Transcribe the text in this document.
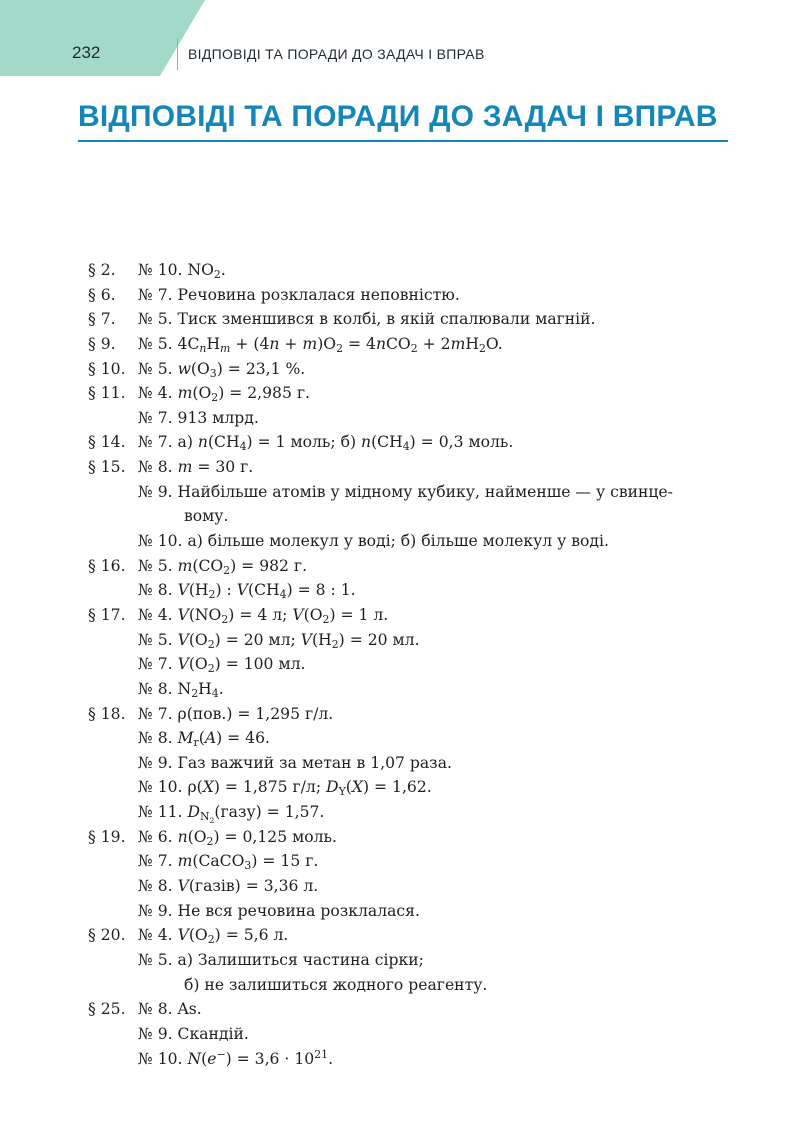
232	ВІДПОВІДІ ТА ПОРАДИ ДО ЗАДАЧ І ВПРАВ
ВІДПОВІДІ ТА ПОРАДИ ДО ЗАДАЧ І ВПРАВ
§ 2. № 10. $NO_2$.
§ 6. № 7. Речовина розклалася неповністю.
§ 7. № 5. Тиск зменшився в колбі, в якій спалювали магній.
§ 9. № 5. $4C_nH_m + (4n + m)O_2 = 4nCO_2 + 2mH_2O$.
§ 10. № 5. $w(O_3) = 23,1$ %.
§ 11. № 4. $m(O_2) = 2,985$ г.
№ 7. 913 млрд.
§ 14. № 7. а) $n(CH_4) = 1$ моль; б) $n(CH_4) = 0,3$ моль.
§ 15. № 8. m = 30 г.
№ 9. Найбільше атомів у мідному кубику, найменше — у свинце-
вому.
№ 10. а) більше молекул у воді; б) більше молекул у воді.
§ 16. № 5. $m(CO_2) = 982$ г.
№ 8. $V(H_2)$ : $V(CH_4) = 8$ : 1.
§ 17. № 4. $V(NO_2) = 4$ л; $V(O_2) = 1$ л.
№ 5. $V(O_2) = 20$ мл; $V(H_2) = 20$ мл.
№ 7. $V(O_2) = 100$ мл.
№ 8. $N_2H_4$.
§ 18. № 7. ρ(пов.) = 1,295 г/л.
№ 8. $M_r(A) = 46$.
№ 9. Газ важчий за метан в 1,07 раза.
№ 10. ρ(X) = 1,875 г/л; $D_Y(X) = 1,62$.
№ 11. $D_{N_2}(газу) = 1,57$.
§ 19. № 6. $n(O_2) = 0,125$ моль.
№ 7. m(CaCO$_3$) = 15 г.
№ 8. V(газів) = 3,36 л.
№ 9. Не вся речовина розклалася.
§ 20. № 4. $V(O_2) = 5,6$ л.
№ 5. а) Залишиться частина сірки;
б) не залишиться жодного реагенту.
§ 25. № 8. As.
№ 9. Скандій.
№ 10. $N(e^-) = 3,6 \cdot 10^{21}$.
